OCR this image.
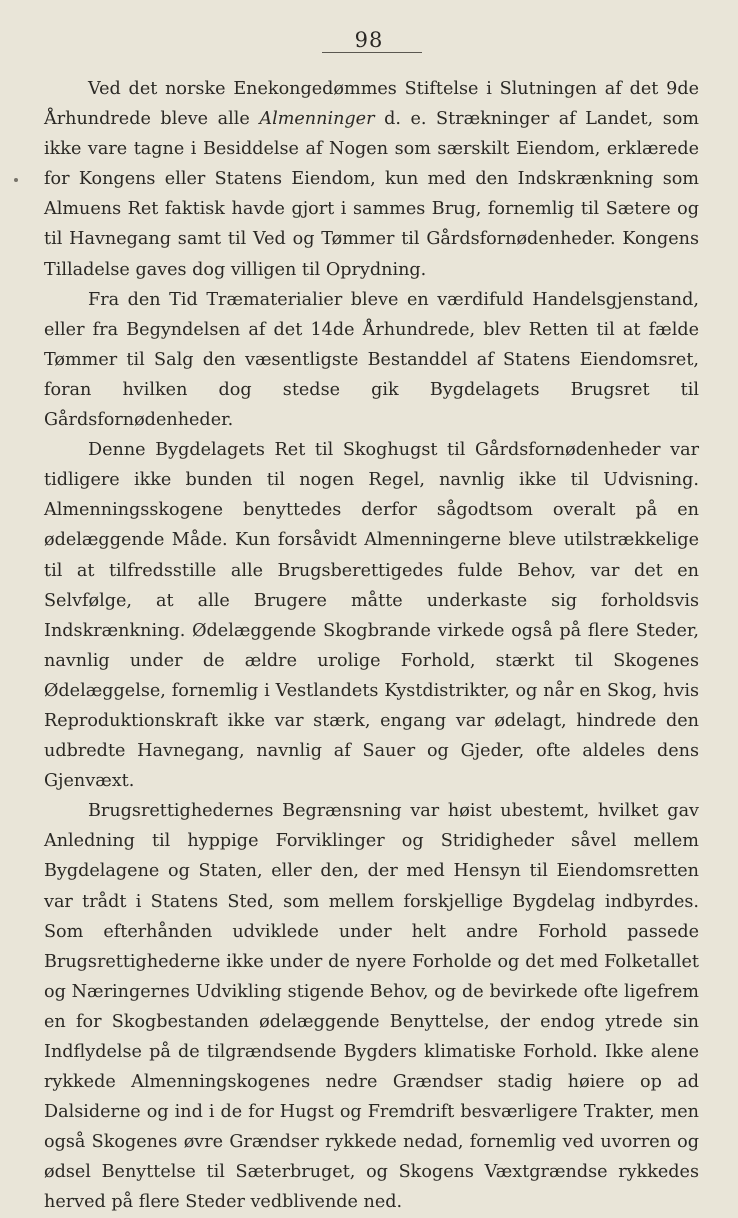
98

Ved det norske Enekongedømmes Stiftelse i Slutningen af det 9de Århundrede bleve alle Almenninger d. e. Strækninger af Landet, som ikke vare tagne i Besiddelse af Nogen som særskilt Eiendom, erklærede for Kongens eller Statens Eiendom, kun med den Indskrænkning som Almuens Ret faktisk havde gjort i sammes Brug, fornemlig til Sætere og til Havnegang samt til Ved og Tømmer til Gårdsfornødenheder. Kongens Tilladelse gaves dog villigen til Oprydning.

Fra den Tid Træmaterialier bleve en værdifuld Handelsgjenstand, eller fra Begyndelsen af det 14de Århundrede, blev Retten til at fælde Tømmer til Salg den væsentligste Bestanddel af Statens Eiendomsret, foran hvilken dog stedse gik Bygdelagets Brugsret til Gårdsfornødenheder.

Denne Bygdelagets Ret til Skoghugst til Gårdsfornødenheder var tidligere ikke bunden til nogen Regel, navnlig ikke til Udvisning. Almenningsskogene benyttedes derfor sågodtsom overalt på en ødelæggende Måde. Kun forsåvidt Almenningerne bleve utilstrækkelige til at tilfredsstille alle Brugsberettigedes fulde Behov, var det en Selvfølge, at alle Brugere måtte underkaste sig forholdsvis Indskrænkning. Ødelæggende Skogbrande virkede også på flere Steder, navnlig under de ældre urolige Forhold, stærkt til Skogenes Ødelæggelse, fornemlig i Vestlandets Kystdistrikter, og når en Skog, hvis Reproduktionskraft ikke var stærk, engang var ødelagt, hindrede den udbredte Havnegang, navnlig af Sauer og Gjeder, ofte aldeles dens Gjenvæxt.

Brugsrettighedernes Begrænsning var høist ubestemt, hvilket gav Anledning til hyppige Forviklinger og Stridigheder såvel mellem Bygdelagene og Staten, eller den, der med Hensyn til Eiendomsretten var trådt i Statens Sted, som mellem forskjellige Bygdelag indbyrdes. Som efterhånden udviklede under helt andre Forhold passede Brugsrettighederne ikke under de nyere Forholde og det med Folketallet og Næringernes Udvikling stigende Behov, og de bevirkede ofte ligefrem en for Skogbestanden ødelæggende Benyttelse, der endog ytrede sin Indflydelse på de tilgrændsende Bygders klimatiske Forhold. Ikke alene rykkede Almenningskogenes nedre Grændser stadig høiere op ad Dalsiderne og ind i de for Hugst og Fremdrift besværligere Trakter, men også Skogenes øvre Grændser rykkede nedad, fornemlig ved uvorren og ødsel Benyttelse til Sæterbruget, og Skogens Væxtgrændse rykkedes herved på flere Steder vedblivende ned.
